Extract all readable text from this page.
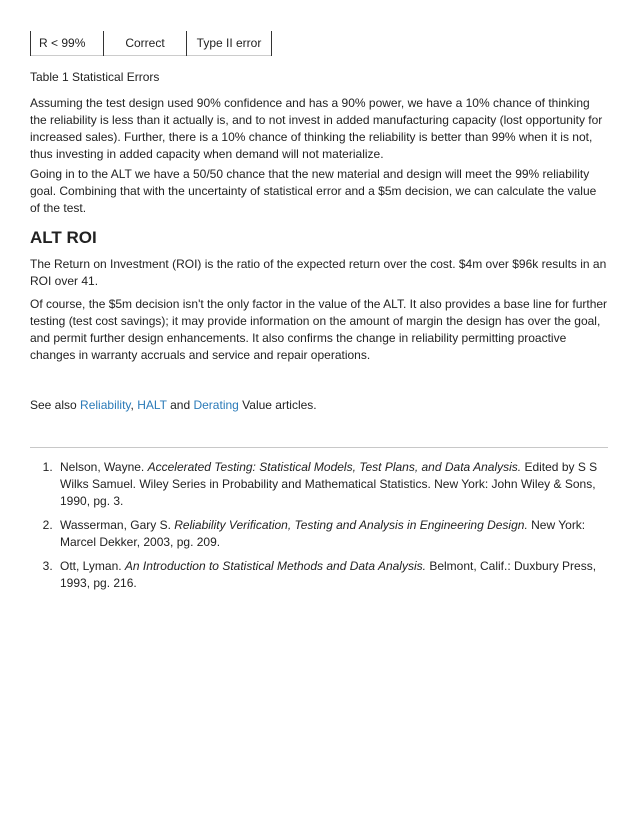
R < 99%	Correct	Type II error

Table 1 Statistical Errors

Assuming the test design used 90% confidence and has a 90% power, we have a 10% chance of thinking the reliability is less than it actually is, and to not invest in added manufacturing capacity (lost opportunity for increased sales). Further, there is a 10% chance of thinking the reliability is better than 99% when it is not, thus investing in added capacity when demand will not materialize.

Going in to the ALT we have a 50/50 chance that the new material and design will meet the 99% reliability goal. Combining that with the uncertainty of statistical error and a $5m decision, we can calculate the value of the test.

ALT ROI

The Return on Investment (ROI) is the ratio of the expected return over the cost. $4m over $96k results in an ROI over 41.

Of course, the $5m decision isn't the only factor in the value of the ALT. It also provides a base line for further testing (test cost savings); it may provide information on the amount of margin the design has over the goal, and permit further design enhancements. It also confirms the change in reliability permitting proactive changes in warranty accruals and service and repair operations.

See also Reliability, HALT and Derating Value articles.

1. Nelson, Wayne. Accelerated Testing: Statistical Models, Test Plans, and Data Analysis. Edited by S S Wilks Samuel. Wiley Series in Probability and Mathematical Statistics. New York: John Wiley & Sons, 1990, pg. 3.
2. Wasserman, Gary S. Reliability Verification, Testing and Analysis in Engineering Design. New York: Marcel Dekker, 2003, pg. 209.
3. Ott, Lyman. An Introduction to Statistical Methods and Data Analysis. Belmont, Calif.: Duxbury Press, 1993, pg. 216.
